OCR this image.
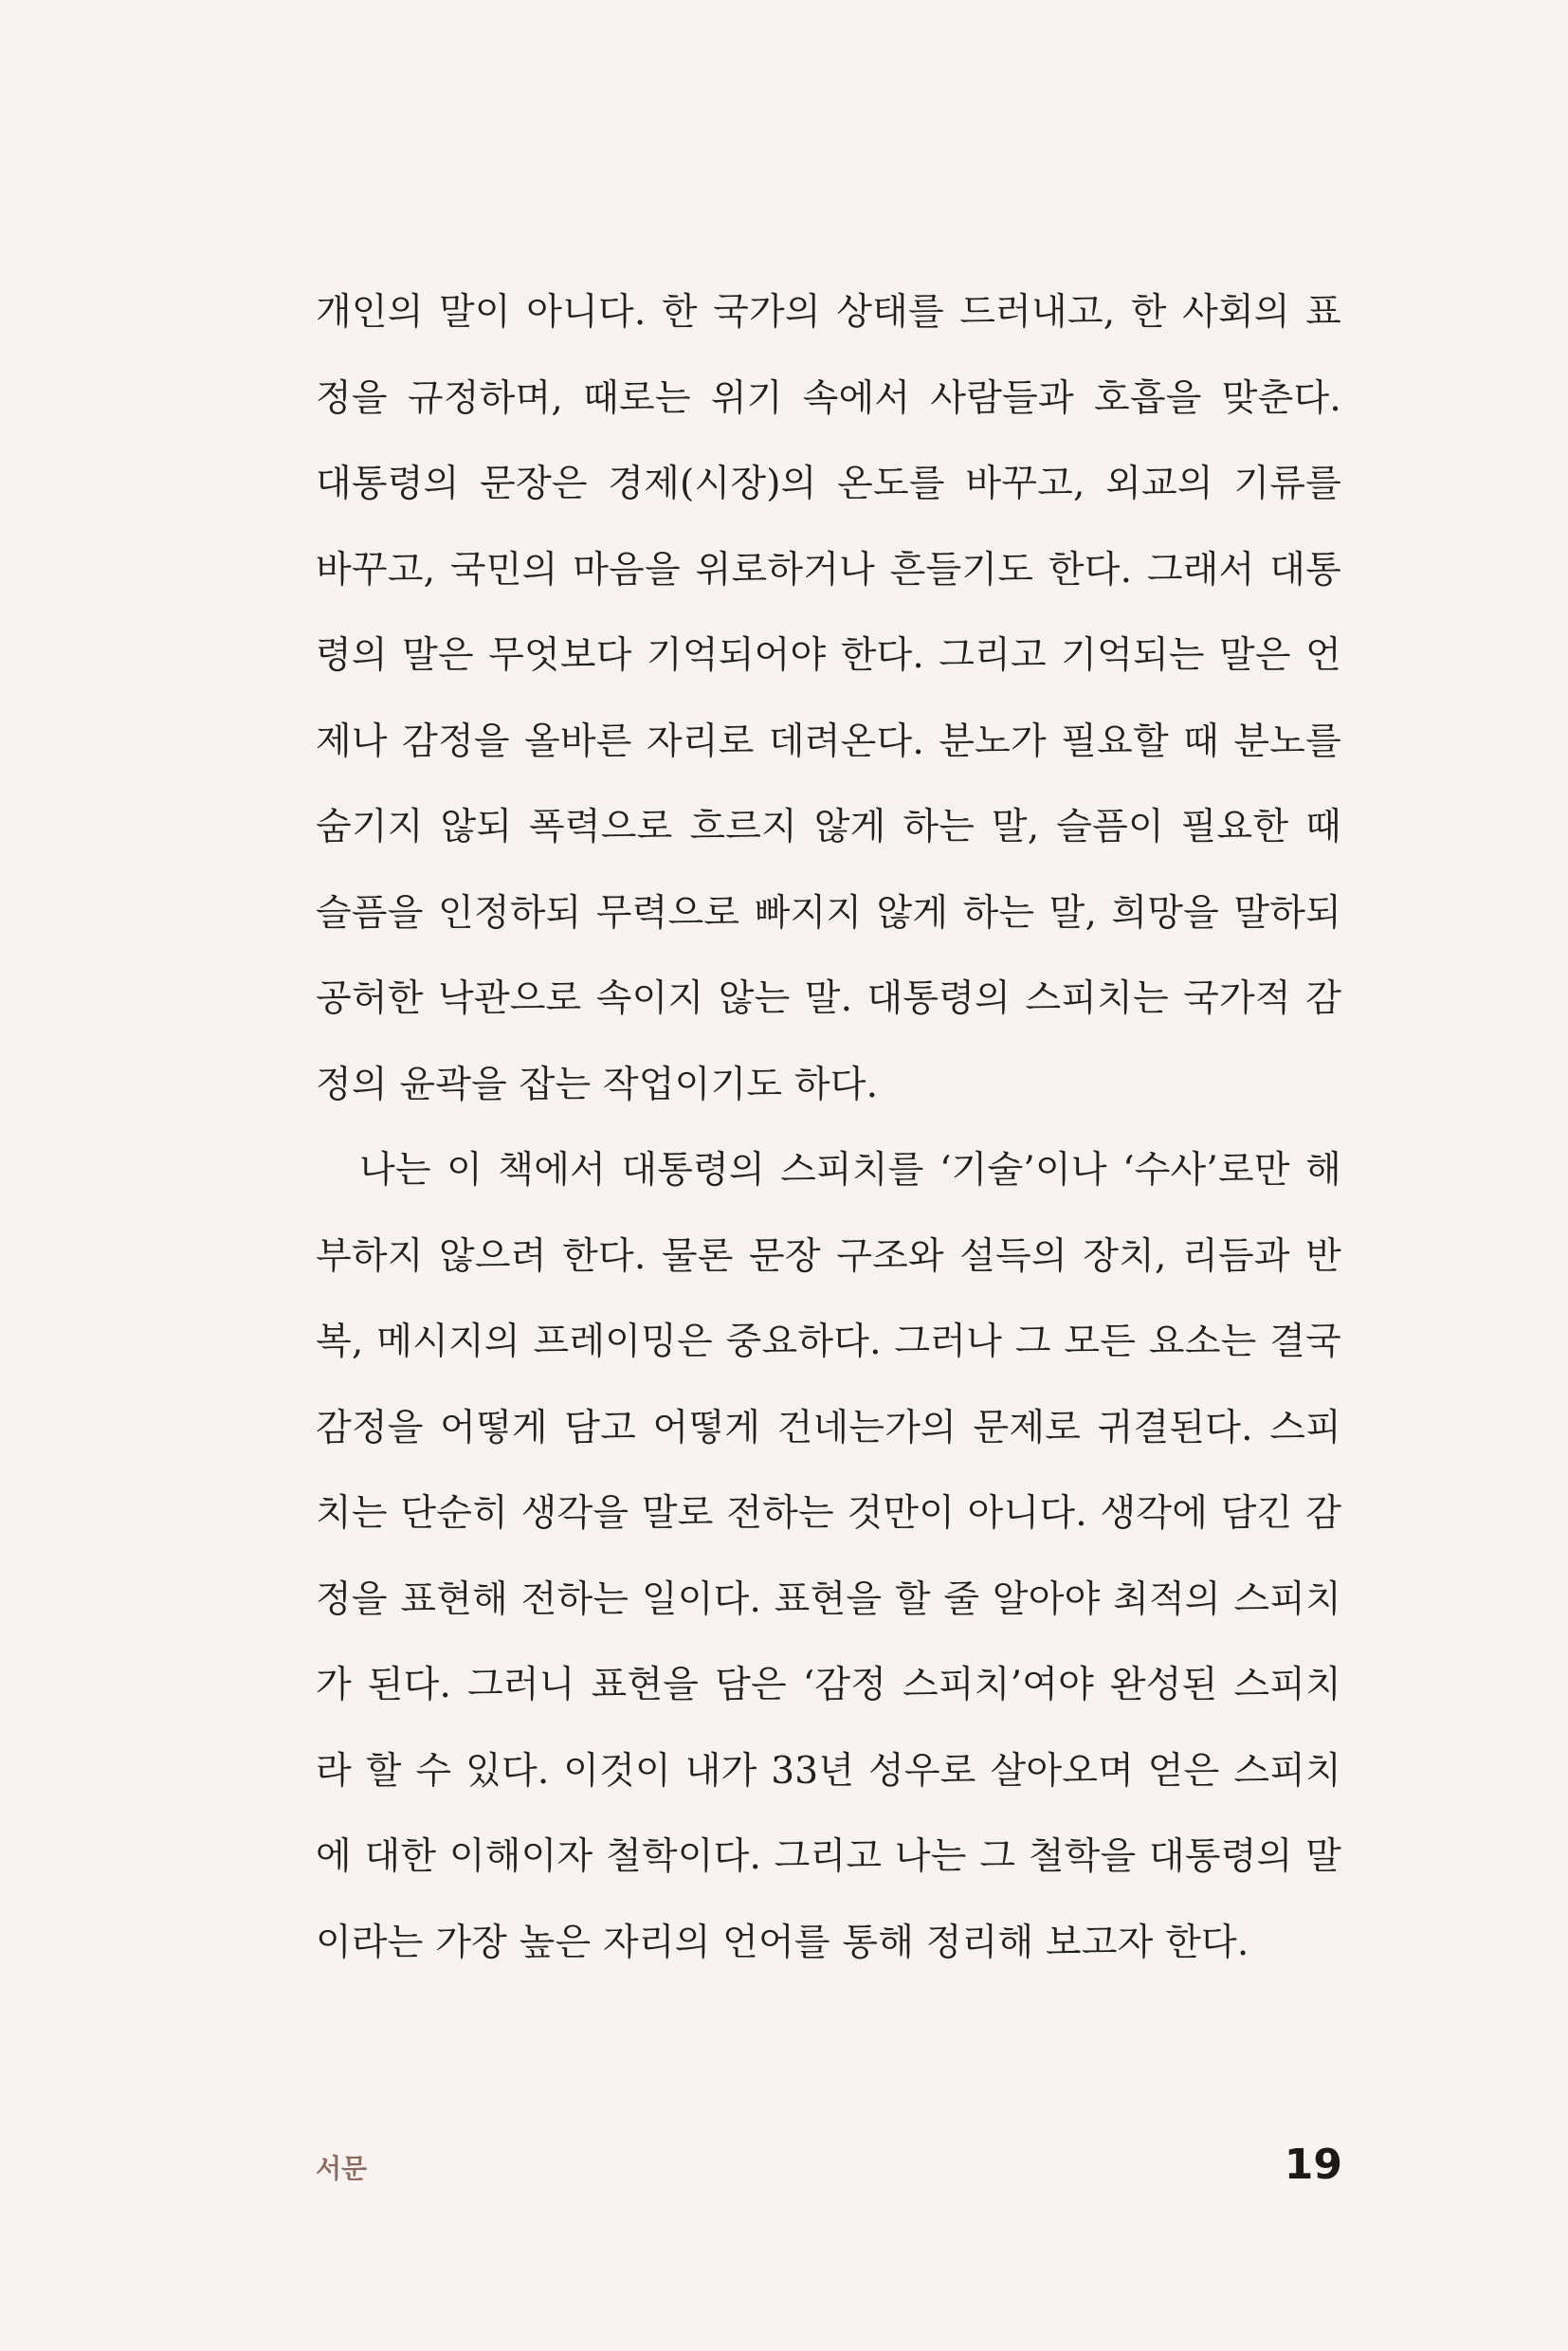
개인의 말이 아니다. 한 국가의 상태를 드러내고, 한 사회의 표
정을 규정하며, 때로는 위기 속에서 사람들과 호흡을 맞춘다.
대통령의 문장은 경제(시장)의 온도를 바꾸고, 외교의 기류를
바꾸고, 국민의 마음을 위로하거나 흔들기도 한다. 그래서 대통
령의 말은 무엇보다 기억되어야 한다. 그리고 기억되는 말은 언
제나 감정을 올바른 자리로 데려온다. 분노가 필요할 때 분노를
숨기지 않되 폭력으로 흐르지 않게 하는 말, 슬픔이 필요한 때
슬픔을 인정하되 무력으로 빠지지 않게 하는 말, 희망을 말하되
공허한 낙관으로 속이지 않는 말. 대통령의 스피치는 국가적 감
정의 윤곽을 잡는 작업이기도 하다.
나는 이 책에서 대통령의 스피치를 ‘기술’이나 ‘수사’로만 해
부하지 않으려 한다. 물론 문장 구조와 설득의 장치, 리듬과 반
복, 메시지의 프레이밍은 중요하다. 그러나 그 모든 요소는 결국
감정을 어떻게 담고 어떻게 건네는가의 문제로 귀결된다. 스피
치는 단순히 생각을 말로 전하는 것만이 아니다. 생각에 담긴 감
정을 표현해 전하는 일이다. 표현을 할 줄 알아야 최적의 스피치
가 된다. 그러니 표현을 담은 ‘감정 스피치’여야 완성된 스피치
라 할 수 있다. 이것이 내가 33년 성우로 살아오며 얻은 스피치
에 대한 이해이자 철학이다. 그리고 나는 그 철학을 대통령의 말
이라는 가장 높은 자리의 언어를 통해 정리해 보고자 한다.
서문	19
